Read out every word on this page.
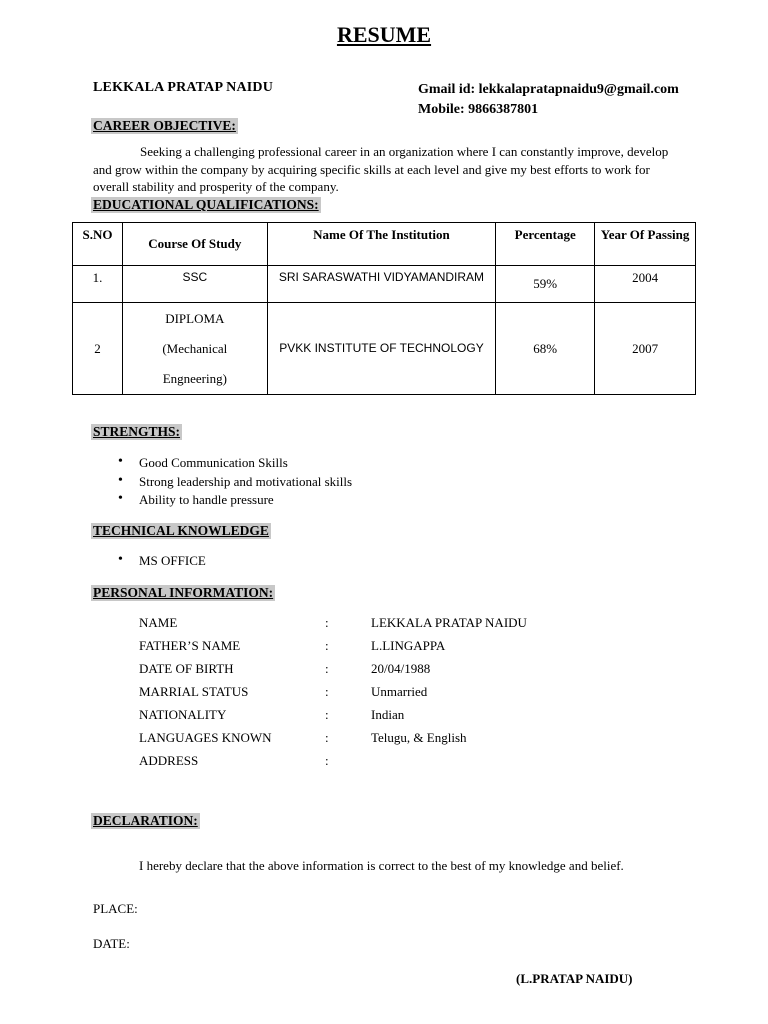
RESUME
LEKKALA PRATAP NAIDU	Gmail id: lekkalapratapnaidu9@gmail.com
Mobile: 9866387801
CAREER OBJECTIVE:
Seeking a challenging professional career in an organization where I can constantly improve, develop and grow within the company by acquiring specific skills at each level and give my best efforts to work for overall stability and prosperity of the company.
EDUCATIONAL QUALIFICATIONS:
S.NO	Course Of Study	Name Of The Institution	Percentage	Year Of Passing
1.	SSC	SRI SARASWATHI VIDYAMANDIRAM	59%	2004
2	DIPLOMA
(Mechanical
Engneering)	PVKK INSTITUTE OF TECHNOLOGY	68%	2007
STRENGTHS:
• Good Communication Skills
• Strong leadership and motivational skills
• Ability to handle pressure
TECHNICAL KNOWLEDGE
• MS OFFICE
PERSONAL INFORMATION:
NAME	:	LEKKALA PRATAP NAIDU
FATHER’S NAME	:	L.LINGAPPA
DATE OF BIRTH	:	20/04/1988
MARRIAL STATUS	:	Unmarried
NATIONALITY	:	Indian
LANGUAGES KNOWN	:	Telugu, & English
ADDRESS	:
DECLARATION:
I hereby declare that the above information is correct to the best of my knowledge and belief.
PLACE:
DATE:
(L.PRATAP NAIDU)
